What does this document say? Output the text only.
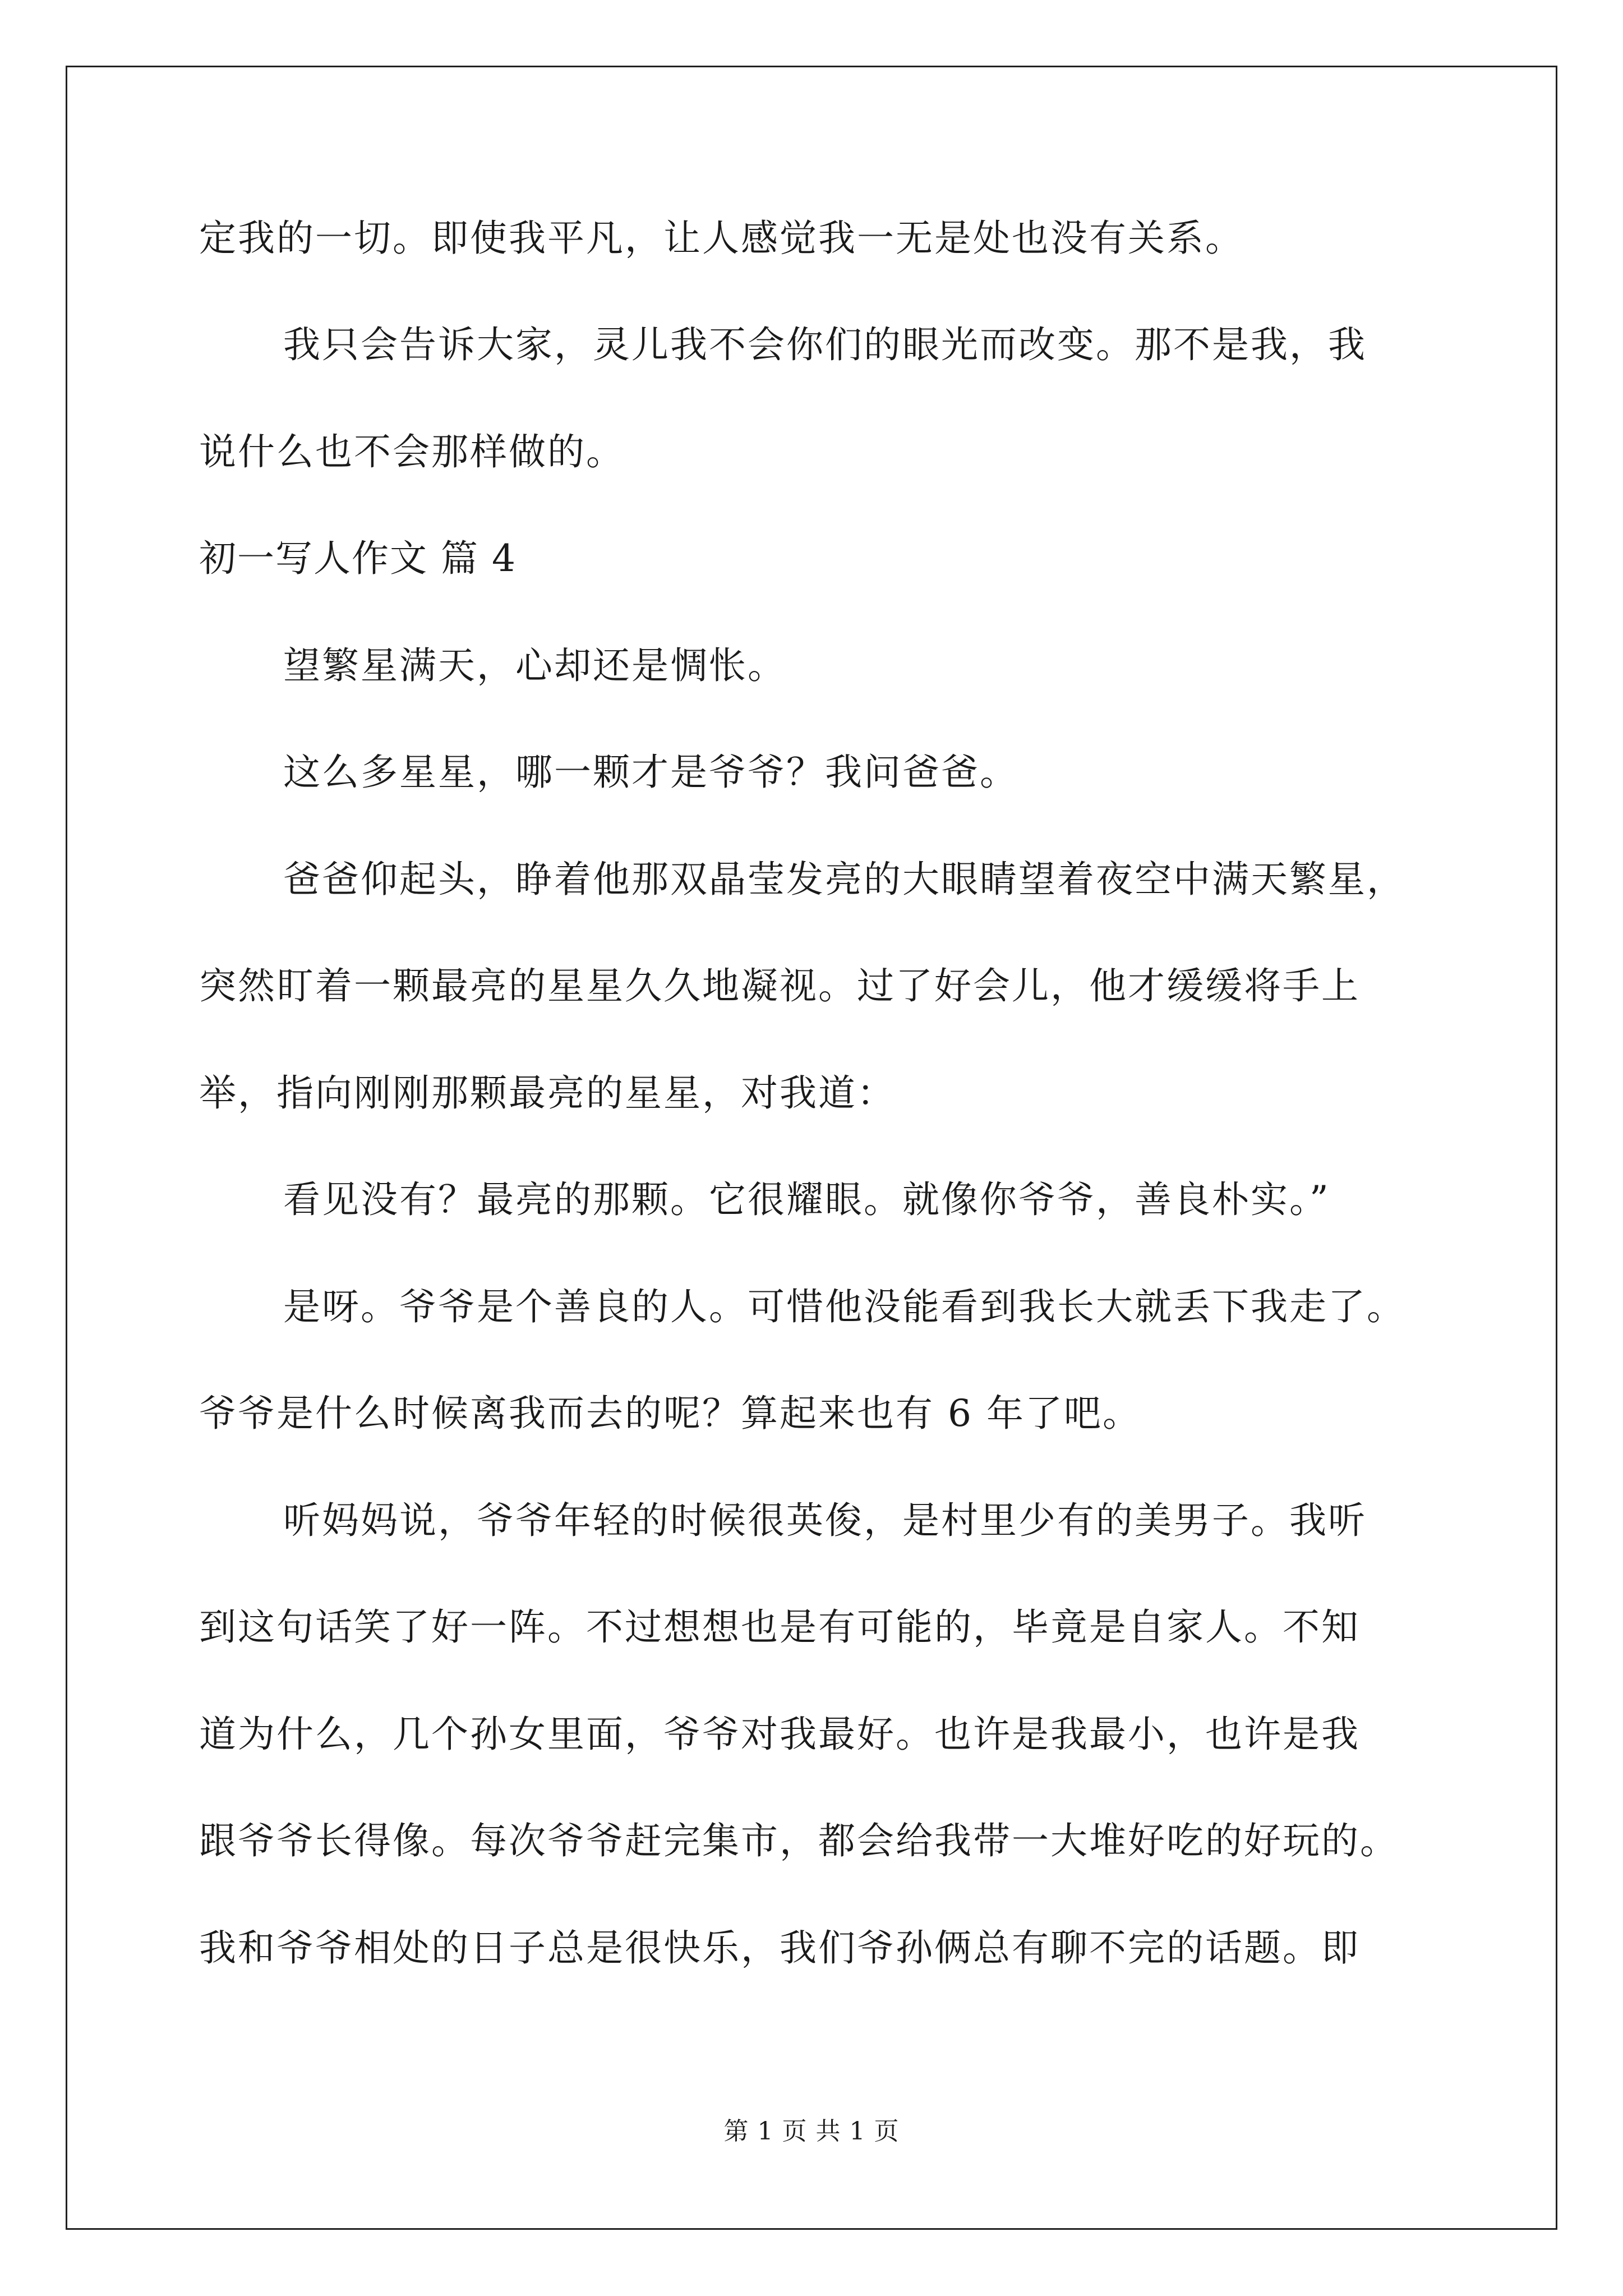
定我的一切。即使我平凡，让人感觉我一无是处也没有关系。
我只会告诉大家，灵儿我不会你们的眼光而改变。那不是我，我
说什么也不会那样做的。
初一写人作文 篇 4
望繁星满天，心却还是惆怅。
这么多星星，哪一颗才是爷爷？我问爸爸。
爸爸仰起头，睁着他那双晶莹发亮的大眼睛望着夜空中满天繁星，
突然盯着一颗最亮的星星久久地凝视。过了好会儿，他才缓缓将手上
举，指向刚刚那颗最亮的星星，对我道：
看见没有？最亮的那颗。它很耀眼。就像你爷爷，善良朴实。”
是呀。爷爷是个善良的人。可惜他没能看到我长大就丢下我走了。
爷爷是什么时候离我而去的呢？算起来也有 6 年了吧。
听妈妈说，爷爷年轻的时候很英俊，是村里少有的美男子。我听
到这句话笑了好一阵。不过想想也是有可能的，毕竟是自家人。不知
道为什么，几个孙女里面，爷爷对我最好。也许是我最小，也许是我
跟爷爷长得像。每次爷爷赶完集市，都会给我带一大堆好吃的好玩的。
我和爷爷相处的日子总是很快乐，我们爷孙俩总有聊不完的话题。即
第 1 页 共 1 页
